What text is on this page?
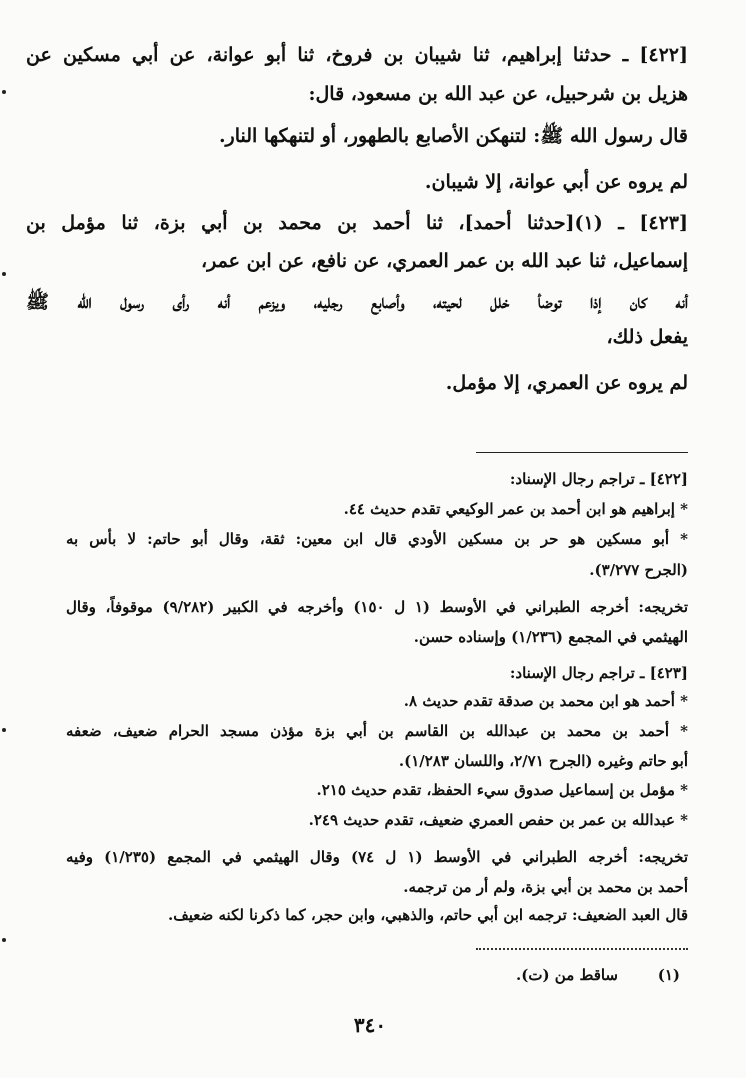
[٤٢٢] ـ حدثنا إبراهيم، ثنا شيبان بن فروخ، ثنا أبو عوانة، عن أبي مسكين عن
هزيل بن شرحبيل، عن عبد الله بن مسعود، قال:
قال رسول الله ﷺ: لتنهكن الأصابع بالطهور، أو لتنهكها النار.
لم يروه عن أبي عوانة، إلا شيبان.
[٤٢٣] ـ (١)[حدثنا أحمد]، ثنا أحمد بن محمد بن أبي بزة، ثنا مؤمل بن
إسماعيل، ثنا عبد الله بن عمر العمري، عن نافع، عن ابن عمر،
أنه كان إذا توضأ خلل لحيته، وأصابع رجليه، ويزعم أنه رأى رسول الله ﷺ
يفعل ذلك،
لم يروه عن العمري، إلا مؤمل.
[٤٢٢] ـ تراجم رجال الإسناد:
* إبراهيم هو ابن أحمد بن عمر الوكيعي تقدم حديث ٤٤.
* أبو مسكين هو حر بن مسكين الأودي قال ابن معين: ثقة، وقال أبو حاتم: لا بأس به
(الجرح ٣/٢٧٧).
تخريجه: أخرجه الطبراني في الأوسط (١ ل ١٥٠) وأخرجه في الكبير (٩/٢٨٢) موقوفاً، وقال
الهيثمي في المجمع (١/٢٣٦) وإسناده حسن.
[٤٢٣] ـ تراجم رجال الإسناد:
* أحمد هو ابن محمد بن صدقة تقدم حديث ٨.
* أحمد بن محمد بن عبدالله بن القاسم بن أبي بزة مؤذن مسجد الحرام ضعيف، ضعفه
أبو حاتم وغيره (الجرح ٢/٧١، واللسان ١/٢٨٣).
* مؤمل بن إسماعيل صدوق سيء الحفظ، تقدم حديث ٢١٥.
* عبدالله بن عمر بن حفص العمري ضعيف، تقدم حديث ٢٤٩.
تخريجه: أخرجه الطبراني في الأوسط (١ ل ٧٤) وقال الهيثمي في المجمع (١/٢٣٥) وفيه
أحمد بن محمد بن أبي بزة، ولم أر من ترجمه.
قال العبد الضعيف: ترجمه ابن أبي حاتم، والذهبي، وابن حجر، كما ذكرنا لكنه ضعيف.
(١)
ساقط من (ت).
٣٤٠
